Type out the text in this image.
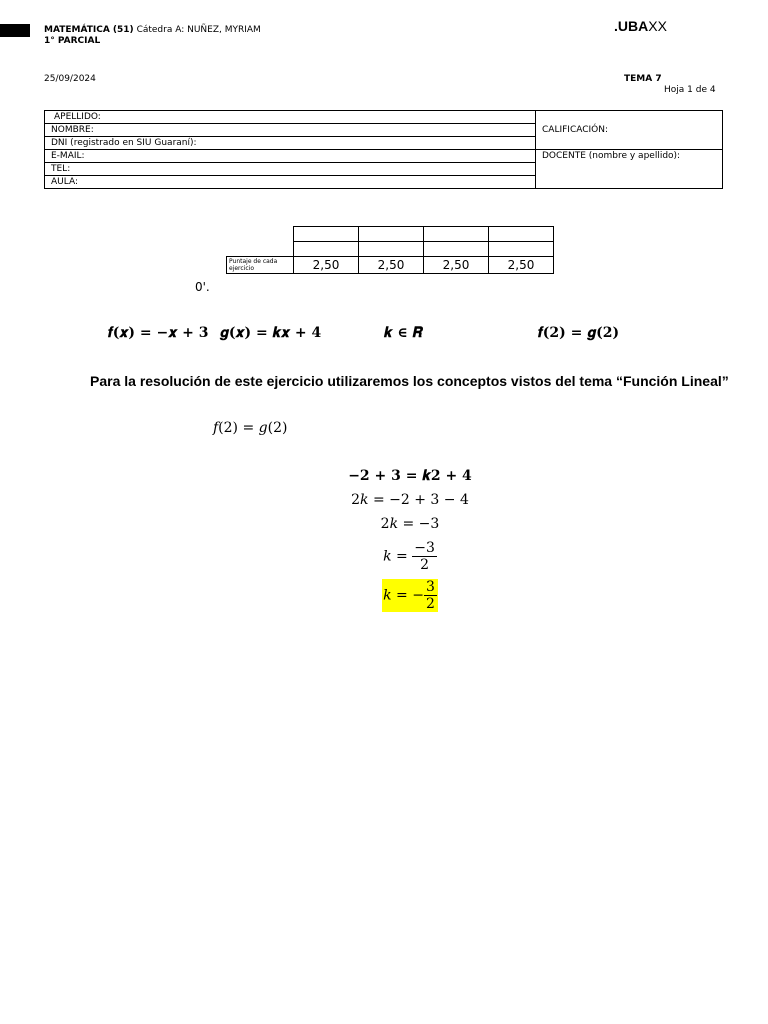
MATEMÁTICA (51) Cátedra A: NUÑEZ, MYRIAM
1° PARCIAL
.UBAXX
25/09/2024	TEMA 7
Hoja 1 de 4
APELLIDO:	CALIFICACIÓN:
NOMBRE:	
DNI (registrado en SIU Guaraní):	
E-MAIL:	DOCENTE (nombre y apellido):
TEL:	
AULA:	

Puntaje de cada ejercicio	2,50	2,50	2,50	2,50
0'.
𝒇(𝒙) = −𝒙 + 𝟑 𝒈(𝒙) = 𝒌𝒙 + 𝟒	𝒌 ∈ 𝑹	𝒇(𝟐) = 𝒈(𝟐)
Para la resolución de este ejercicio utilizaremos los conceptos vistos del tema “Función Lineal”
𝑓(2) = 𝑔(2)
−𝟐 + 𝟑 = 𝒌𝟐 + 𝟒
2𝑘 = −2 + 3 − 4
2𝑘 = −3
𝑘 = $\frac{-3}{2}$
𝑘 = − $\frac{3}{2}$
